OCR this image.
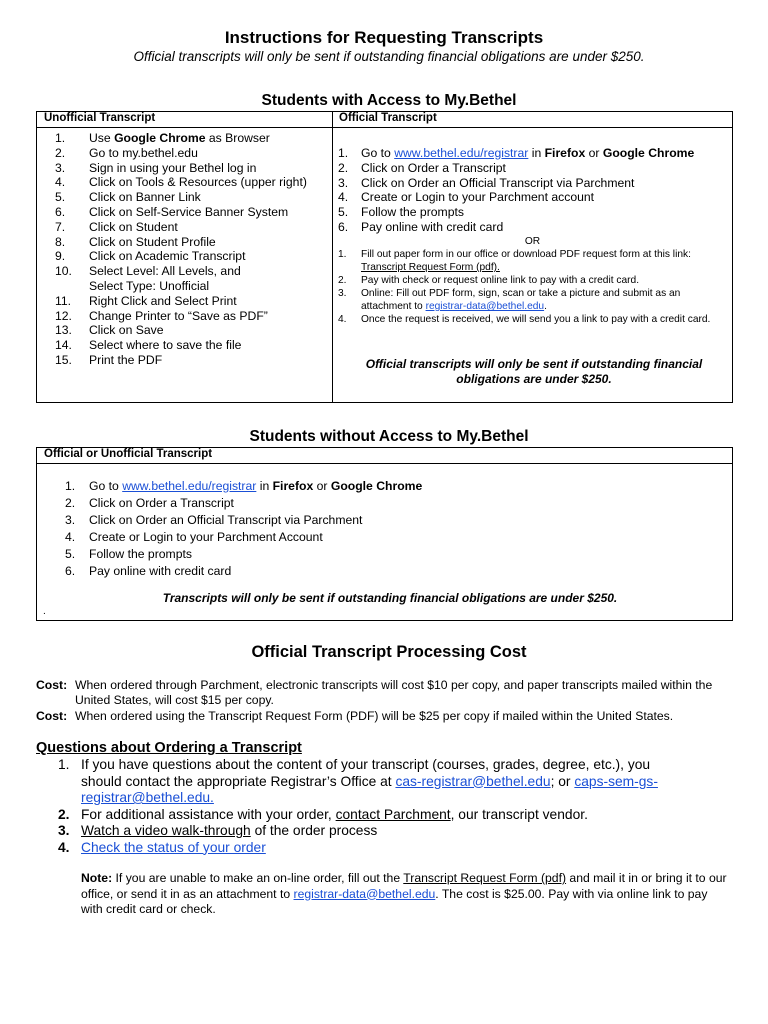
Instructions for Requesting Transcripts
Official transcripts will only be sent if outstanding financial obligations are under $250.
Students with Access to My.Bethel
Unofficial Transcript	Official Transcript
1. Use Google Chrome as Browser
2. Go to my.bethel.edu
3. Sign in using your Bethel log in
4. Click on Tools & Resources (upper right)
5. Click on Banner Link
6. Click on Self-Service Banner System
7. Click on Student
8. Click on Student Profile
9. Click on Academic Transcript
10. Select Level: All Levels, and
Select Type: Unofficial
11. Right Click and Select Print
12. Change Printer to “Save as PDF”
13. Click on Save
14. Select where to save the file
15. Print the PDF
1. Go to www.bethel.edu/registrar in Firefox or Google Chrome
2. Click on Order a Transcript
3. Click on Order an Official Transcript via Parchment
4. Create or Login to your Parchment account
5. Follow the prompts
6. Pay online with credit card
OR
1. Fill out paper form in our office or download PDF request form at this link: Transcript Request Form (pdf).
2. Pay with check or request online link to pay with a credit card.
3. Online: Fill out PDF form, sign, scan or take a picture and submit as an attachment to registrar-data@bethel.edu.
4. Once the request is received, we will send you a link to pay with a credit card.
Official transcripts will only be sent if outstanding financial obligations are under $250.
Students without Access to My.Bethel
Official or Unofficial Transcript
1. Go to www.bethel.edu/registrar in Firefox or Google Chrome
2. Click on Order a Transcript
3. Click on Order an Official Transcript via Parchment
4. Create or Login to your Parchment Account
5. Follow the prompts
6. Pay online with credit card
Transcripts will only be sent if outstanding financial obligations are under $250.
.
Official Transcript Processing Cost
Cost: When ordered through Parchment, electronic transcripts will cost $10 per copy, and paper transcripts mailed within the United States, will cost $15 per copy.
Cost: When ordered using the Transcript Request Form (PDF) will be $25 per copy if mailed within the United States.
Questions about Ordering a Transcript
1. If you have questions about the content of your transcript (courses, grades, degree, etc.), you should contact the appropriate Registrar’s Office at cas-registrar@bethel.edu; or caps-sem-gs-registrar@bethel.edu.
2. For additional assistance with your order, contact Parchment, our transcript vendor.
3. Watch a video walk-through of the order process
4. Check the status of your order
Note: If you are unable to make an on-line order, fill out the Transcript Request Form (pdf) and mail it in or bring it to our office, or send it in as an attachment to registrar-data@bethel.edu. The cost is $25.00. Pay with via online link to pay with credit card or check.
